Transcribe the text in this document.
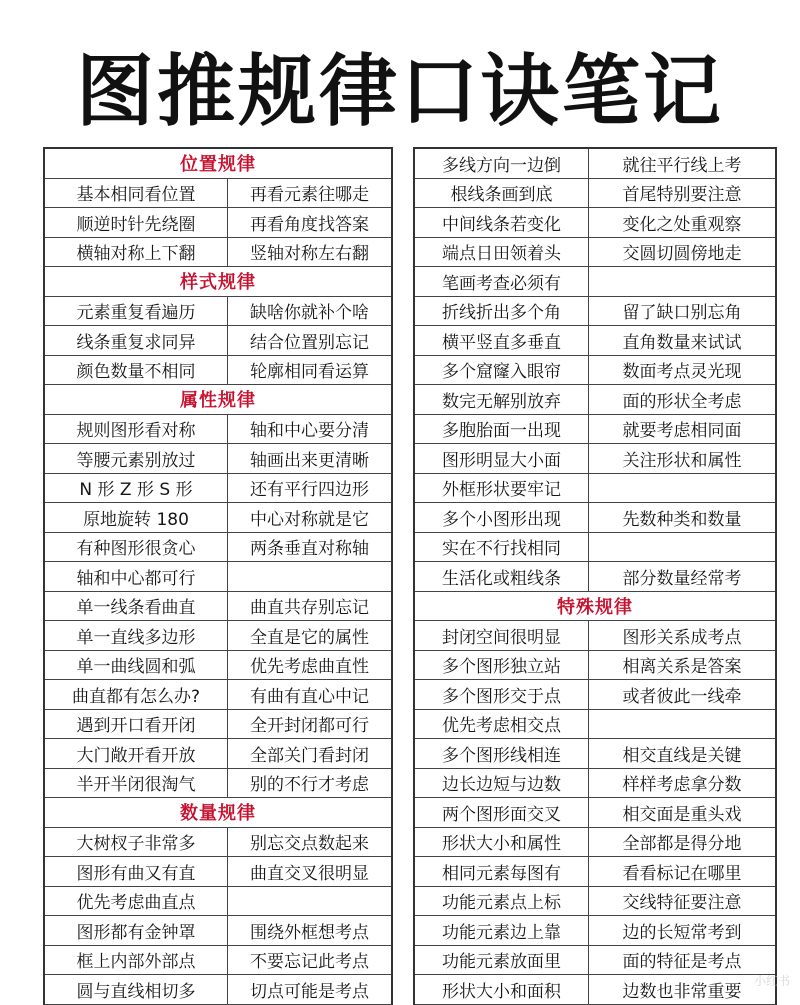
图推规律口诀笔记
位置规律
基本相同看位置	再看元素往哪走
顺逆时针先绕圈	再看角度找答案
横轴对称上下翻	竖轴对称左右翻
样式规律
元素重复看遍历	缺啥你就补个啥
线条重复求同异	结合位置别忘记
颜色数量不相同	轮廓相同看运算
属性规律
规则图形看对称	轴和中心要分清
等腰元素别放过	轴画出来更清晰
N 形 Z 形 S 形	还有平行四边形
原地旋转 180	中心对称就是它
有种图形很贪心	两条垂直对称轴
轴和中心都可行
单一线条看曲直	曲直共存别忘记
单一直线多边形	全直是它的属性
单一曲线圆和弧	优先考虑曲直性
曲直都有怎么办?	有曲有直心中记
遇到开口看开闭	全开封闭都可行
大门敞开看开放	全部关门看封闭
半开半闭很淘气	别的不行才考虑
数量规律
大树杈子非常多	别忘交点数起来
图形有曲又有直	曲直交叉很明显
优先考虑曲直点
图形都有金钟罩	围绕外框想考点
框上内部外部点	不要忘记此考点
圆与直线相切多	切点可能是考点
多线方向一边倒	就往平行线上考
根线条画到底	首尾特别要注意
中间线条若变化	变化之处重观察
端点日田领着头	交圆切圆傍地走
笔画考查必须有
折线折出多个角	留了缺口别忘角
横平竖直多垂直	直角数量来试试
多个窟窿入眼帘	数面考点灵光现
数完无解别放弃	面的形状全考虑
多胞胎面一出现	就要考虑相同面
图形明显大小面	关注形状和属性
外框形状要牢记
多个小图形出现	先数种类和数量
实在不行找相同
生活化或粗线条	部分数量经常考
特殊规律
封闭空间很明显	图形关系成考点
多个图形独立站	相离关系是答案
多个图形交于点	或者彼此一线牵
优先考虑相交点
多个图形线相连	相交直线是关键
边长边短与边数	样样考虑拿分数
两个图形面交叉	相交面是重头戏
形状大小和属性	全部都是得分地
相同元素每图有	看看标记在哪里
功能元素点上标	交线特征要注意
功能元素边上靠	边的长短常考到
功能元素放面里	面的特征是考点
形状大小和面积	边数也非常重要
小红书
